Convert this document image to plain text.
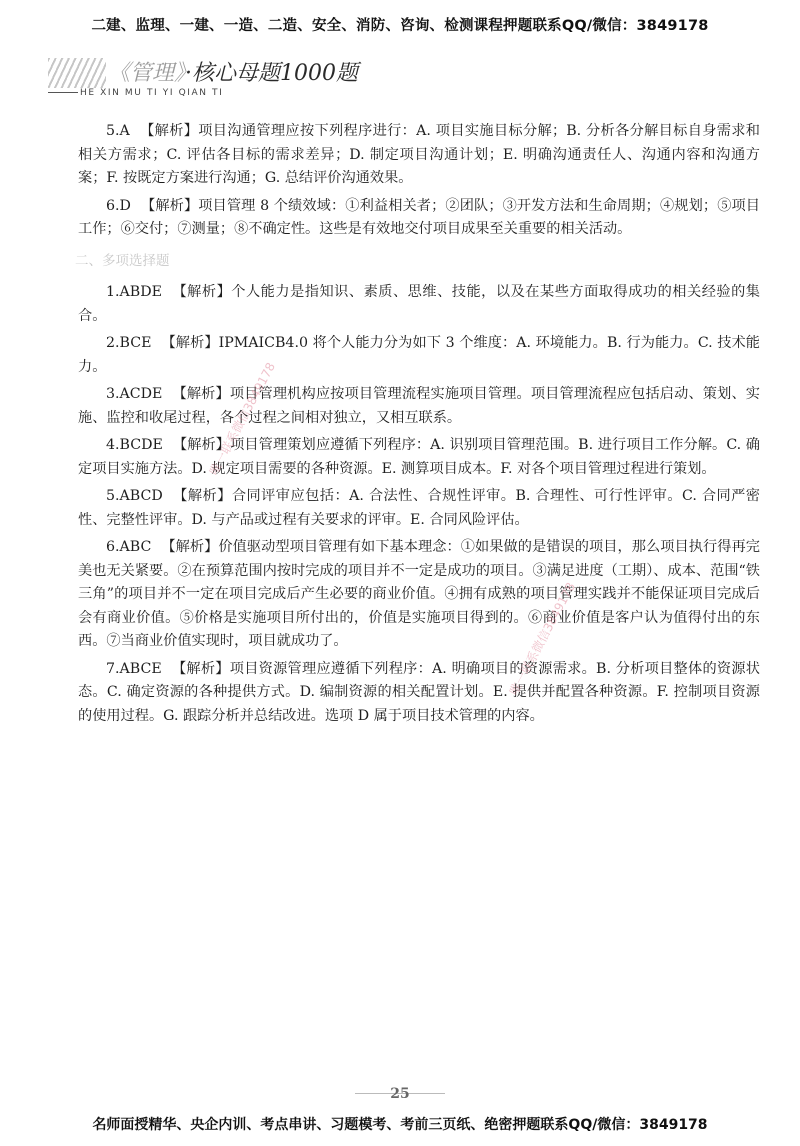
二建、监理、一建、一造、二造、安全、消防、咨询、检测课程押题联系QQ/微信：3849178
《管理》·核心母题1000题
HE XIN MU TI YI QIAN TI

5.A 【解析】项目沟通管理应按下列程序进行：A. 项目实施目标分解；B. 分析各分解目标自身需求和相关方需求；C. 评估各目标的需求差异；D. 制定项目沟通计划；E. 明确沟通责任人、沟通内容和沟通方案；F. 按既定方案进行沟通；G. 总结评价沟通效果。

6.D 【解析】项目管理 8 个绩效域：①利益相关者；②团队；③开发方法和生命周期；④规划；⑤项目工作；⑥交付；⑦测量；⑧不确定性。这些是有效地交付项目成果至关重要的相关活动。

二、多项选择题

1.ABDE 【解析】个人能力是指知识、素质、思维、技能，以及在某些方面取得成功的相关经验的集合。

2.BCE 【解析】IPMAICB4.0 将个人能力分为如下 3 个维度：A. 环境能力。B. 行为能力。C. 技术能力。

3.ACDE 【解析】项目管理机构应按项目管理流程实施项目管理。项目管理流程应包括启动、策划、实施、监控和收尾过程，各个过程之间相对独立，又相互联系。

4.BCDE 【解析】项目管理策划应遵循下列程序：A. 识别项目管理范围。B. 进行项目工作分解。C. 确定项目实施方法。D. 规定项目需要的各种资源。E. 测算项目成本。F. 对各个项目管理过程进行策划。

5.ABCD 【解析】合同评审应包括：A. 合法性、合规性评审。B. 合理性、可行性评审。C. 合同严密性、完整性评审。D. 与产品或过程有关要求的评审。E. 合同风险评估。

6.ABC 【解析】价值驱动型项目管理有如下基本理念：①如果做的是错误的项目，那么项目执行得再完美也无关紧要。②在预算范围内按时完成的项目并不一定是成功的项目。③满足进度（工期）、成本、范围“铁三角”的项目并不一定在项目完成后产生必要的商业价值。④拥有成熟的项目管理实践并不能保证项目完成后会有商业价值。⑤价格是实施项目所付出的，价值是实施项目得到的。⑥商业价值是客户认为值得付出的东西。⑦当商业价值实现时，项目就成功了。

7.ABCE 【解析】项目资源管理应遵循下列程序：A. 明确项目的资源需求。B. 分析项目整体的资源状态。C. 确定资源的各种提供方式。D. 编制资源的相关配置计划。E. 提供并配置各种资源。F. 控制项目资源的使用过程。G. 跟踪分析并总结改进。选项 D 属于项目技术管理的内容。

唯一联系微信3849178
唯一联系微信3849178
25
名师面授精华、央企内训、考点串讲、习题模考、考前三页纸、绝密押题联系QQ/微信：3849178
